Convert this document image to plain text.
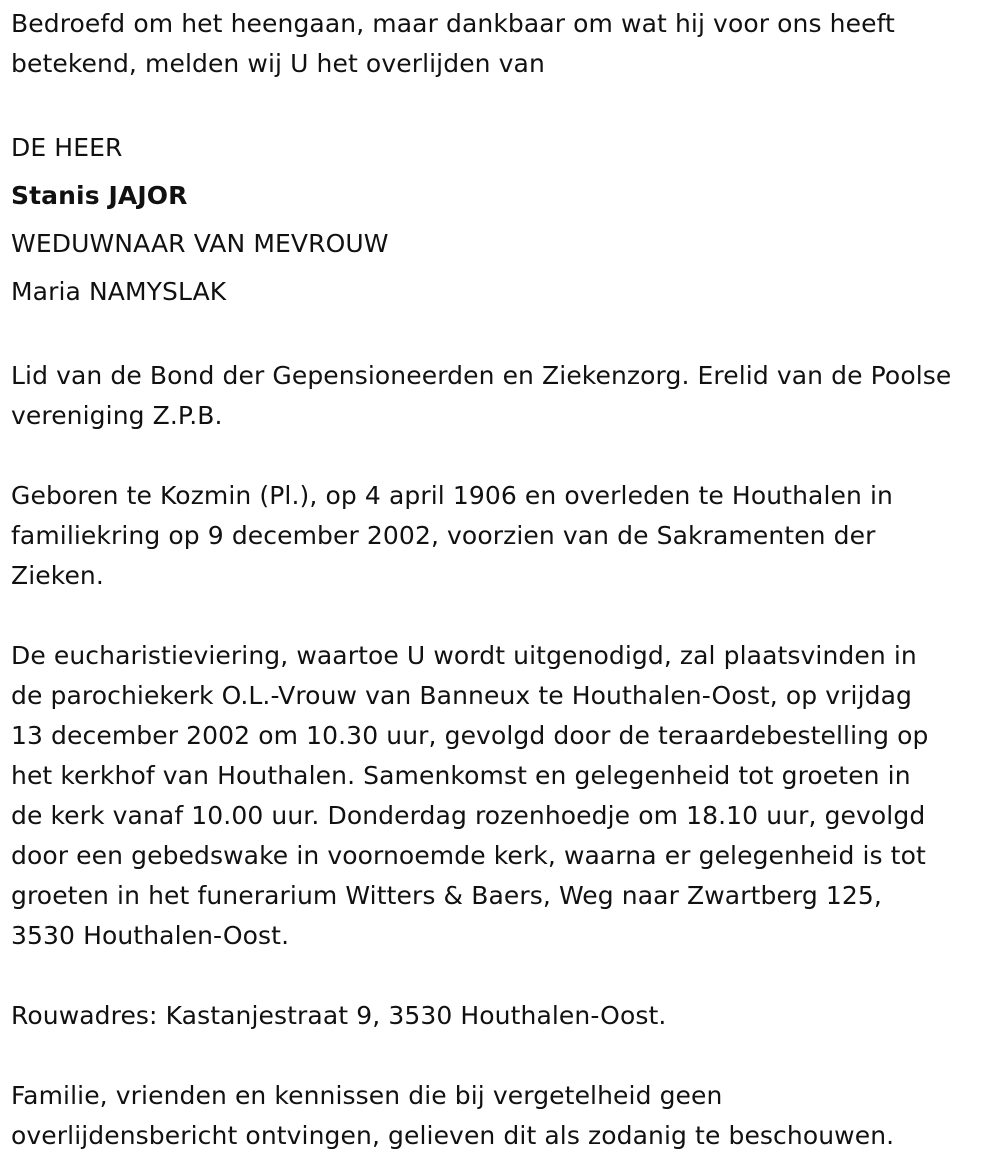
Bedroefd om het heengaan, maar dankbaar om wat hij voor ons heeft
betekend, melden wij U het overlijden van

DE HEER
Stanis JAJOR
WEDUWNAAR VAN MEVROUW
Maria NAMYSLAK

Lid van de Bond der Gepensioneerden en Ziekenzorg. Erelid van de Poolse
vereniging Z.P.B.

Geboren te Kozmin (Pl.), op 4 april 1906 en overleden te Houthalen in
familiekring op 9 december 2002, voorzien van de Sakramenten der
Zieken.

De eucharistieviering, waartoe U wordt uitgenodigd, zal plaatsvinden in
de parochiekerk O.L.-Vrouw van Banneux te Houthalen-Oost, op vrijdag
13 december 2002 om 10.30 uur, gevolgd door de teraardebestelling op
het kerkhof van Houthalen. Samenkomst en gelegenheid tot groeten in
de kerk vanaf 10.00 uur. Donderdag rozenhoedje om 18.10 uur, gevolgd
door een gebedswake in voornoemde kerk, waarna er gelegenheid is tot
groeten in het funerarium Witters & Baers, Weg naar Zwartberg 125,
3530 Houthalen-Oost.

Rouwadres: Kastanjestraat 9, 3530 Houthalen-Oost.

Familie, vrienden en kennissen die bij vergetelheid geen
overlijdensbericht ontvingen, gelieven dit als zodanig te beschouwen.
